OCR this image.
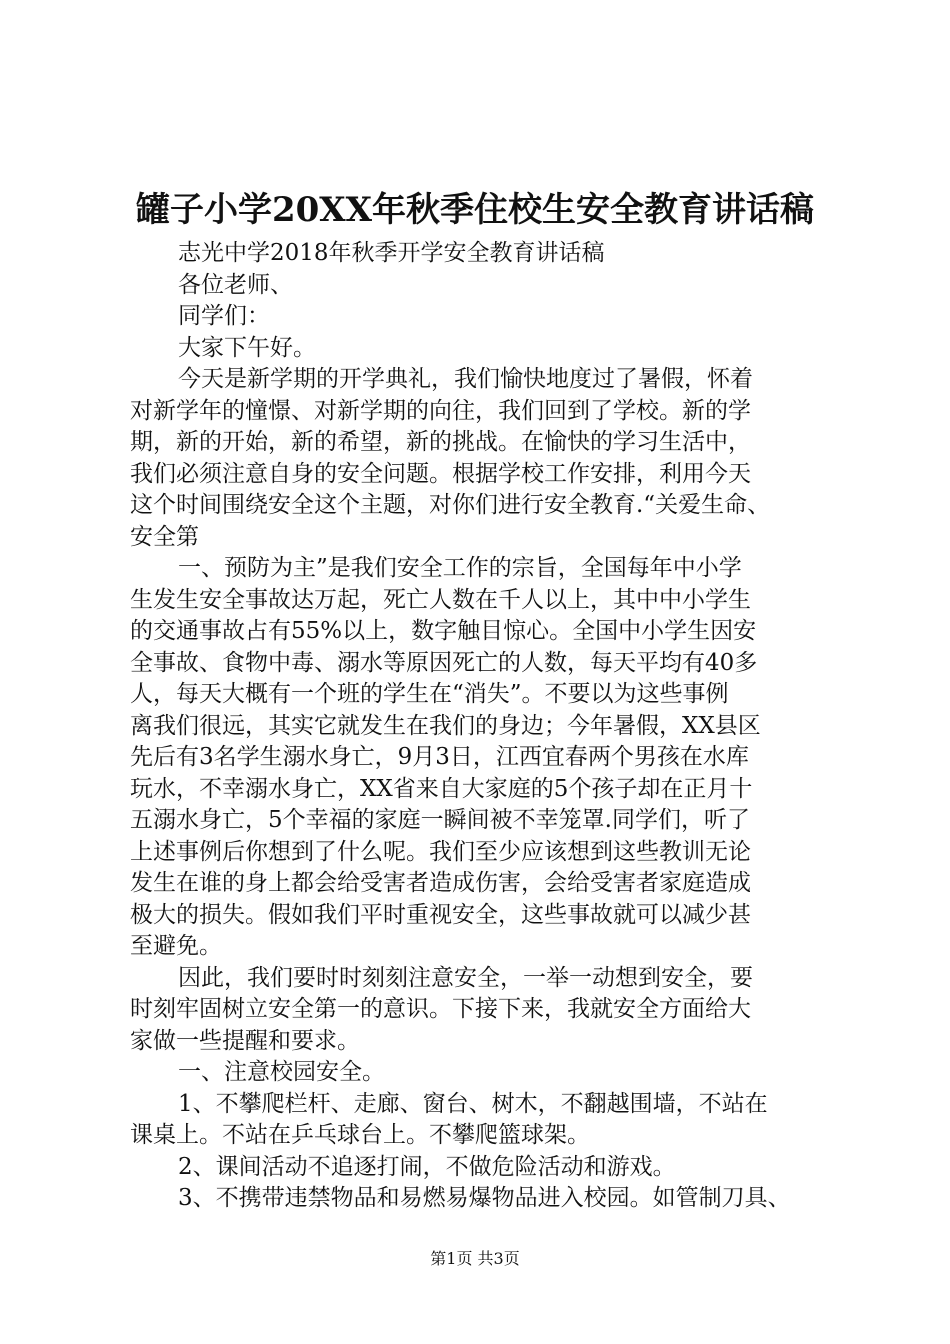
罐子小学20XX年秋季住校生安全教育讲话稿
志光中学2018年秋季开学安全教育讲话稿
各位老师、
同学们：
大家下午好。
今天是新学期的开学典礼，我们愉快地度过了暑假，怀着
对新学年的憧憬、对新学期的向往，我们回到了学校。新的学
期，新的开始，新的希望，新的挑战。在愉快的学习生活中，
我们必须注意自身的安全问题。根据学校工作安排，利用今天
这个时间围绕安全这个主题，对你们进行安全教育.“关爱生命、
安全第
一、预防为主”是我们安全工作的宗旨，全国每年中小学
生发生安全事故达万起，死亡人数在千人以上，其中中小学生
的交通事故占有55%以上，数字触目惊心。全国中小学生因安
全事故、食物中毒、溺水等原因死亡的人数，每天平均有40多
人，每天大概有一个班的学生在“消失”。不要以为这些事例
离我们很远，其实它就发生在我们的身边；今年暑假，XX县区
先后有3名学生溺水身亡，9月3日，江西宜春两个男孩在水库
玩水，不幸溺水身亡，XX省来自大家庭的5个孩子却在正月十
五溺水身亡，5个幸福的家庭一瞬间被不幸笼罩.同学们，听了
上述事例后你想到了什么呢。我们至少应该想到这些教训无论
发生在谁的身上都会给受害者造成伤害，会给受害者家庭造成
极大的损失。假如我们平时重视安全，这些事故就可以减少甚
至避免。
因此，我们要时时刻刻注意安全，一举一动想到安全，要
时刻牢固树立安全第一的意识。下接下来，我就安全方面给大
家做一些提醒和要求。
一、注意校园安全。
1、不攀爬栏杆、走廊、窗台、树木，不翻越围墙，不站在
课桌上。不站在乒乓球台上。不攀爬篮球架。
2、课间活动不追逐打闹，不做危险活动和游戏。
3、不携带违禁物品和易燃易爆物品进入校园。如管制刀具、
第1页 共3页
